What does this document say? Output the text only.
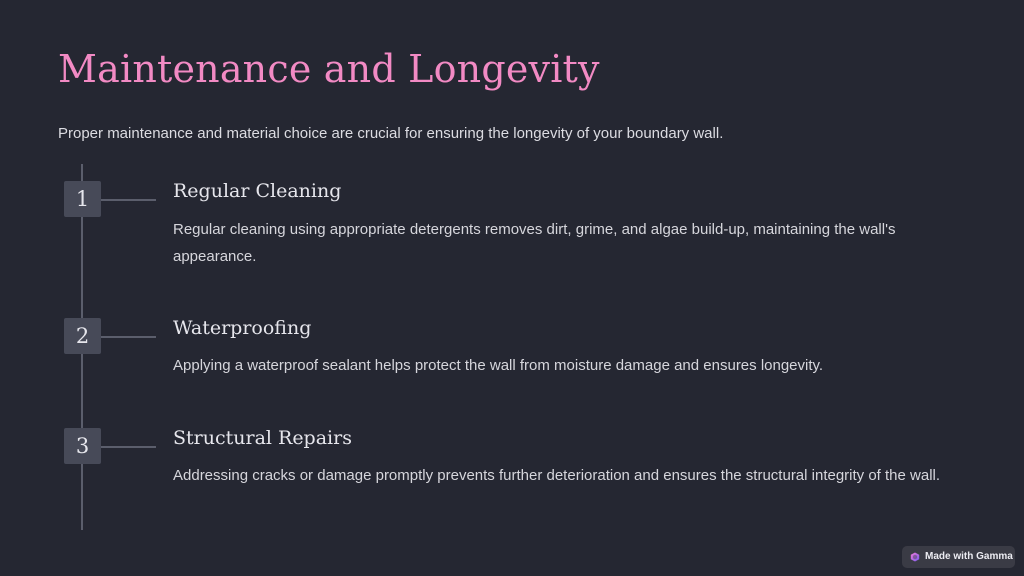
Maintenance and Longevity

Proper maintenance and material choice are crucial for ensuring the longevity of your boundary wall.

1	Regular Cleaning

Regular cleaning using appropriate detergents removes dirt, grime, and algae build-up, maintaining the wall's appearance.

2	Waterproofing

Applying a waterproof sealant helps protect the wall from moisture damage and ensures longevity.

3	Structural Repairs

Addressing cracks or damage promptly prevents further deterioration and ensures the structural integrity of the wall.

Made with Gamma
